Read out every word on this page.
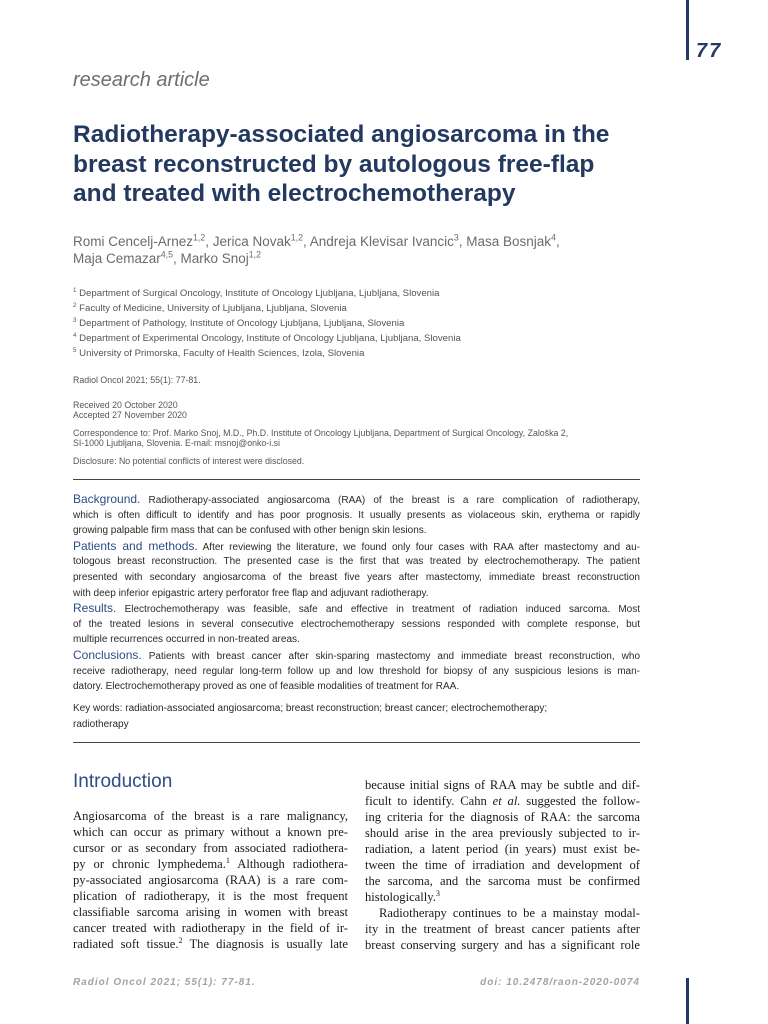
77
research article
Radiotherapy-associated angiosarcoma in the
breast reconstructed by autologous free-flap
and treated with electrochemotherapy
Romi Cencelj-Arnez$^{1,2}$, Jerica Novak$^{1,2}$, Andreja Klevisar Ivancic$^3$, Masa Bosnjak$^4$,
Maja Cemazar$^{4,5}$, Marko Snoj$^{1,2}$
$^1$ Department of Surgical Oncology, Institute of Oncology Ljubljana, Ljubljana, Slovenia
$^2$ Faculty of Medicine, University of Ljubljana, Ljubljana, Slovenia
$^3$ Department of Pathology, Institute of Oncology Ljubljana, Ljubljana, Slovenia
$^4$ Department of Experimental Oncology, Institute of Oncology Ljubljana, Ljubljana, Slovenia
$^5$ University of Primorska, Faculty of Health Sciences, Izola, Slovenia
Radiol Oncol 2021; 55(1): 77-81.
Received 20 October 2020
Accepted 27 November 2020
Correspondence to: Prof. Marko Snoj, M.D., Ph.D. Institute of Oncology Ljubljana, Department of Surgical Oncology, Zaloška 2,
SI-1000 Ljubljana, Slovenia. E-mail: msnoj@onko-i.si
Disclosure: No potential conflicts of interest were disclosed.
Background. Radiotherapy-associated angiosarcoma (RAA) of the breast is a rare complication of radiotherapy,
which is often difficult to identify and has poor prognosis. It usually presents as violaceous skin, erythema or rapidly
growing palpable firm mass that can be confused with other benign skin lesions.
Patients and methods. After reviewing the literature, we found only four cases with RAA after mastectomy and au-
tologous breast reconstruction. The presented case is the first that was treated by electrochemotherapy. The patient
presented with secondary angiosarcoma of the breast five years after mastectomy, immediate breast reconstruction
with deep inferior epigastric artery perforator free flap and adjuvant radiotherapy.
Results. Electrochemotherapy was feasible, safe and effective in treatment of radiation induced sarcoma. Most
of the treated lesions in several consecutive electrochemotherapy sessions responded with complete response, but
multiple recurrences occurred in non-treated areas.
Conclusions. Patients with breast cancer after skin-sparing mastectomy and immediate breast reconstruction, who
receive radiotherapy, need regular long-term follow up and low threshold for biopsy of any suspicious lesions is man-
datory. Electrochemotherapy proved as one of feasible modalities of treatment for RAA.
Key words: radiation-associated angiosarcoma; breast reconstruction; breast cancer; electrochemotherapy;
radiotherapy
Introduction
Angiosarcoma of the breast is a rare malignancy,
which can occur as primary without a known pre-
cursor or as secondary from associated radiothera-
py or chronic lymphedema.$^1$ Although radiothera-
py-associated angiosarcoma (RAA) is a rare com-
plication of radiotherapy, it is the most frequent
classifiable sarcoma arising in women with breast
cancer treated with radiotherapy in the field of ir-
radiated soft tissue.$^2$ The diagnosis is usually late
because initial signs of RAA may be subtle and dif-
ficult to identify. Cahn et al. suggested the follow-
ing criteria for the diagnosis of RAA: the sarcoma
should arise in the area previously subjected to ir-
radiation, a latent period (in years) must exist be-
tween the time of irradiation and development of
the sarcoma, and the sarcoma must be confirmed
histologically.$^3$
Radiotherapy continues to be a mainstay modal-
ity in the treatment of breast cancer patients after
breast conserving surgery and has a significant role
Radiol Oncol 2021; 55(1): 77-81.	doi: 10.2478/raon-2020-0074
